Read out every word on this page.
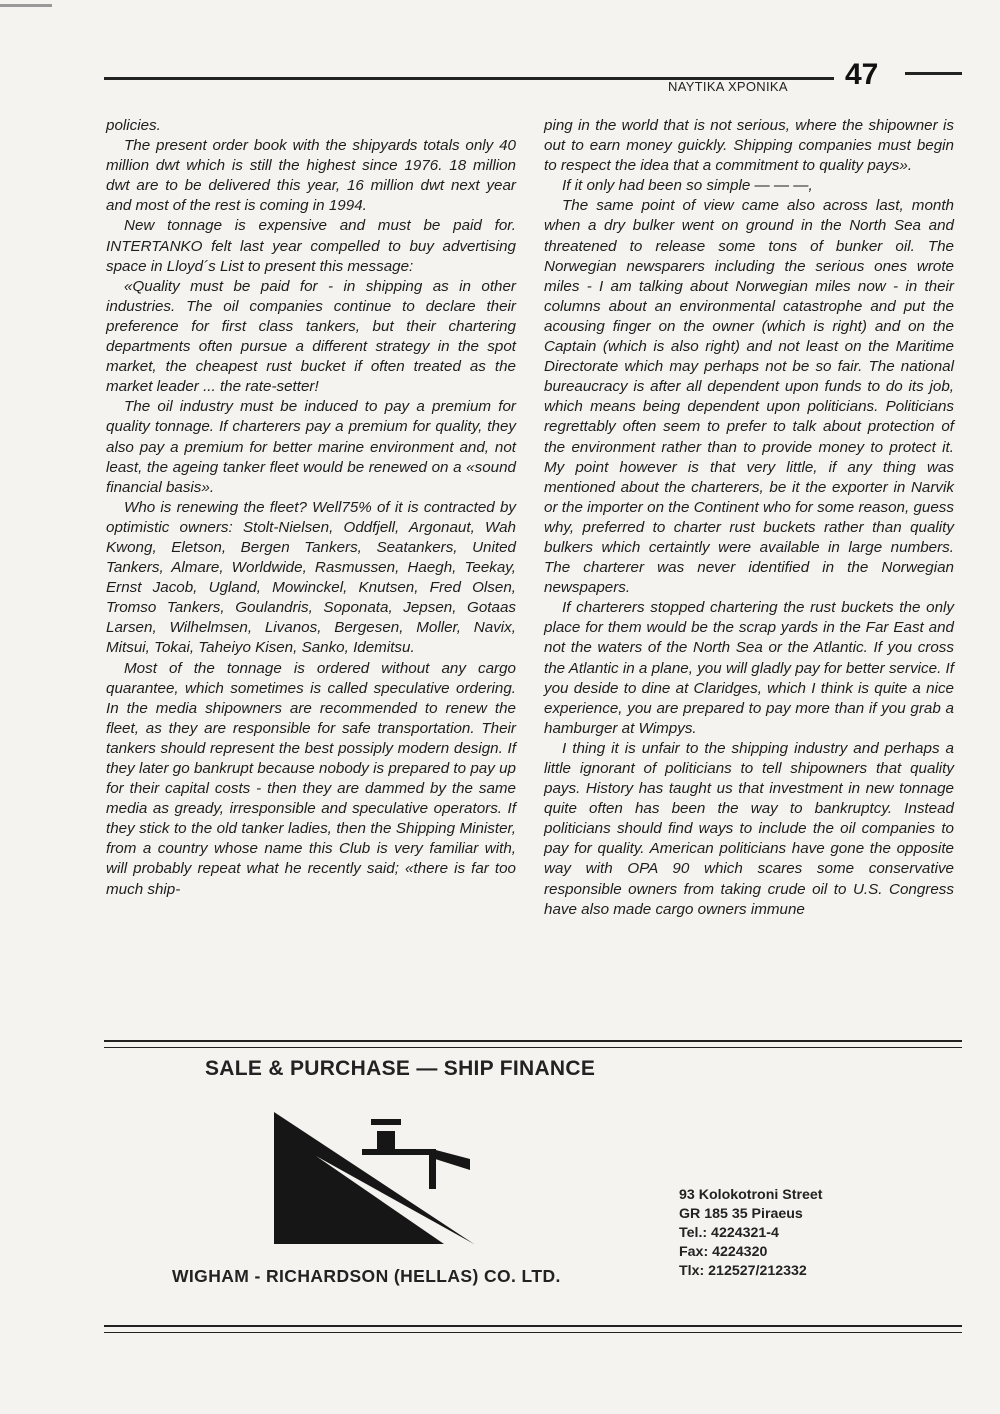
ΝΑΥΤΙΚΑ ΧΡΟΝΙΚΑ 47

policies.

The present order book with the shipyards totals only 40 million dwt which is still the highest since 1976. 18 million dwt are to be delivered this year, 16 million dwt next year and most of the rest is coming in 1994.

New tonnage is expensive and must be paid for. INTERTANKO felt last year compelled to buy advertising space in Lloyd´s List to present this message:

«Quality must be paid for - in shipping as in other industries. The oil companies continue to declare their preference for first class tankers, but their chartering departments often pursue a different strategy in the spot market, the cheapest rust bucket if often treated as the market leader ... the rate-setter!

The oil industry must be induced to pay a premium for quality tonnage. If charterers pay a premium for quality, they also pay a premium for better marine environment and, not least, the ageing tanker fleet would be renewed on a «sound financial basis».

Who is renewing the fleet? Well75% of it is contracted by optimistic owners: Stolt-Nielsen, Oddfjell, Argonaut, Wah Kwong, Eletson, Bergen Tankers, Seatankers, United Tankers, Almare, Worldwide, Rasmussen, Haegh, Teekay, Ernst Jacob, Ugland, Mowinckel, Knutsen, Fred Olsen, Tromso Tankers, Goulandris, Soponata, Jepsen, Gotaas Larsen, Wilhelmsen, Livanos, Bergesen, Moller, Navix, Mitsui, Tokai, Taheiyo Kisen, Sanko, Idemitsu.

Most of the tonnage is ordered without any cargo quarantee, which sometimes is called speculative ordering. In the media shipowners are recommended to renew the fleet, as they are responsible for safe transportation. Their tankers should represent the best possiply modern design. If they later go bankrupt because nobody is prepared to pay up for their capital costs - then they are dammed by the same media as gready, irresponsible and speculative operators. If they stick to the old tanker ladies, then the Shipping Minister, from a country whose name this Club is very familiar with, will probably repeat what he recently said; «there is far too much ship-

ping in the world that is not serious, where the shipowner is out to earn money guickly. Shipping companies must begin to respect the idea that a commitment to quality pays».

If it only had been so simple — — —,

The same point of view came also across last, month when a dry bulker went on ground in the North Sea and threatened to release some tons of bunker oil. The Norwegian newsparers including the serious ones wrote miles - I am talking about Norwegian miles now - in their columns about an environmental catastrophe and put the acousing finger on the owner (which is right) and on the Captain (which is also right) and not least on the Maritime Directorate which may perhaps not be so fair. The national bureaucracy is after all dependent upon funds to do its job, which means being dependent upon politicians. Politicians regrettably often seem to prefer to talk about protection of the environment rather than to provide money to protect it. My point however is that very little, if any thing was mentioned about the charterers, be it the exporter in Narvik or the importer on the Continent who for some reason, guess why, preferred to charter rust buckets rather than quality bulkers which certaintly were available in large numbers. The charterer was never identified in the Norwegian newspapers.

If charterers stopped chartering the rust buckets the only place for them would be the scrap yards in the Far East and not the waters of the North Sea or the Atlantic. If you cross the Atlantic in a plane, you will gladly pay for better service. If you deside to dine at Claridges, which I think is quite a nice experience, you are prepared to pay more than if you grab a hamburger at Wimpys.

I thing it is unfair to the shipping industry and perhaps a little ignorant of politicians to tell shipowners that quality pays. History has taught us that investment in new tonnage quite often has been the way to bankruptcy. Instead politicians should find ways to include the oil companies to pay for quality. American politicians have gone the opposite way with OPA 90 which scares some conservative responsible owners from taking crude oil to U.S. Congress have also made cargo owners immune

SALE & PURCHASE — SHIP FINANCE
WIGHAM - RICHARDSON (HELLAS) CO. LTD.
93 Kolokotroni Street
GR 185 35 Piraeus
Tel.: 4224321-4
Fax: 4224320
Tlx: 212527/212332
